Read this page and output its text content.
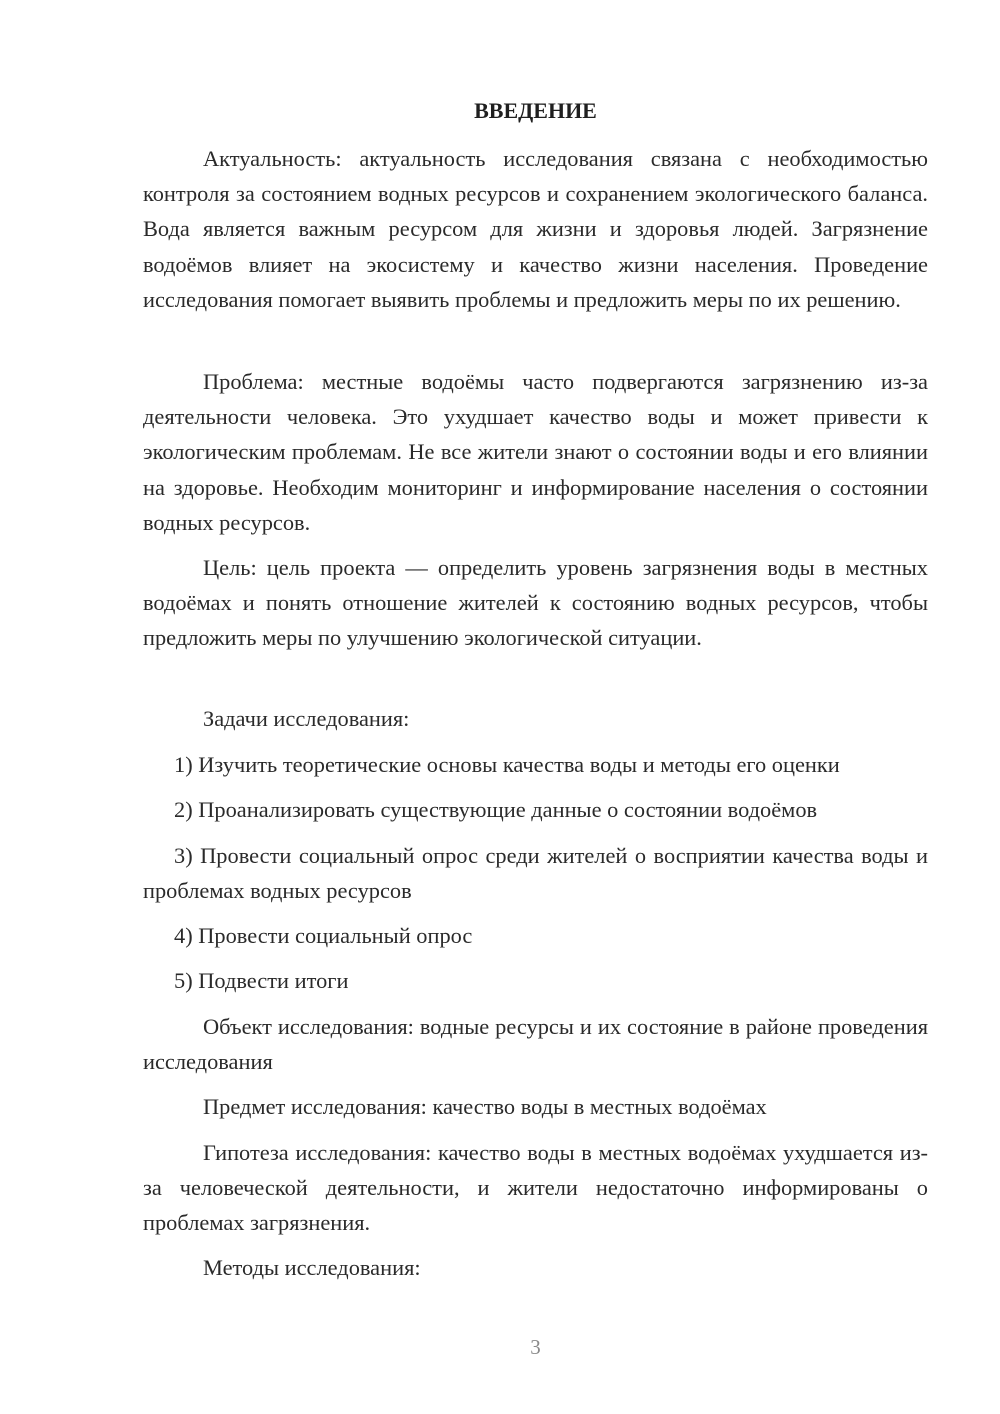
ВВЕДЕНИЕ

Актуальность: актуальность исследования связана с необходимостью контроля за состоянием водных ресурсов и сохранением экологического баланса. Вода является важным ресурсом для жизни и здоровья людей. Загрязнение водоёмов влияет на экосистему и качество жизни населения. Проведение исследования помогает выявить проблемы и предложить меры по их решению.

Проблема: местные водоёмы часто подвергаются загрязнению из-за деятельности человека. Это ухудшает качество воды и может привести к экологическим проблемам. Не все жители знают о состоянии воды и его влиянии на здоровье. Необходим мониторинг и информирование населения о состоянии водных ресурсов.

Цель: цель проекта — определить уровень загрязнения воды в местных водоёмах и понять отношение жителей к состоянию водных ресурсов, чтобы предложить меры по улучшению экологической ситуации.

Задачи исследования:

1) Изучить теоретические основы качества воды и методы его оценки

2) Проанализировать существующие данные о состоянии водоёмов

3) Провести социальный опрос среди жителей о восприятии качества воды и проблемах водных ресурсов

4) Провести социальный опрос

5) Подвести итоги

Объект исследования: водные ресурсы и их состояние в районе проведения исследования

Предмет исследования: качество воды в местных водоёмах

Гипотеза исследования: качество воды в местных водоёмах ухудшается из-за человеческой деятельности, и жители недостаточно информированы о проблемах загрязнения.

Методы исследования:

3
